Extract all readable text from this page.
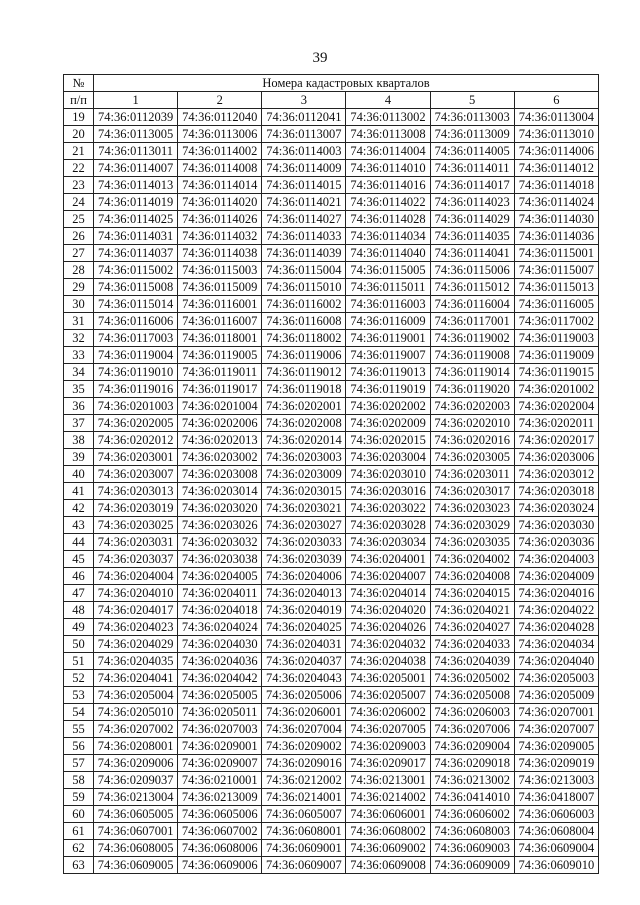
39
№	Номера кадастровых кварталов					
п/п	1	2	3	4	5	6
19	74:36:0112039	74:36:0112040	74:36:0112041	74:36:0113002	74:36:0113003	74:36:0113004
20	74:36:0113005	74:36:0113006	74:36:0113007	74:36:0113008	74:36:0113009	74:36:0113010
21	74:36:0113011	74:36:0114002	74:36:0114003	74:36:0114004	74:36:0114005	74:36:0114006
22	74:36:0114007	74:36:0114008	74:36:0114009	74:36:0114010	74:36:0114011	74:36:0114012
23	74:36:0114013	74:36:0114014	74:36:0114015	74:36:0114016	74:36:0114017	74:36:0114018
24	74:36:0114019	74:36:0114020	74:36:0114021	74:36:0114022	74:36:0114023	74:36:0114024
25	74:36:0114025	74:36:0114026	74:36:0114027	74:36:0114028	74:36:0114029	74:36:0114030
26	74:36:0114031	74:36:0114032	74:36:0114033	74:36:0114034	74:36:0114035	74:36:0114036
27	74:36:0114037	74:36:0114038	74:36:0114039	74:36:0114040	74:36:0114041	74:36:0115001
28	74:36:0115002	74:36:0115003	74:36:0115004	74:36:0115005	74:36:0115006	74:36:0115007
29	74:36:0115008	74:36:0115009	74:36:0115010	74:36:0115011	74:36:0115012	74:36:0115013
30	74:36:0115014	74:36:0116001	74:36:0116002	74:36:0116003	74:36:0116004	74:36:0116005
31	74:36:0116006	74:36:0116007	74:36:0116008	74:36:0116009	74:36:0117001	74:36:0117002
32	74:36:0117003	74:36:0118001	74:36:0118002	74:36:0119001	74:36:0119002	74:36:0119003
33	74:36:0119004	74:36:0119005	74:36:0119006	74:36:0119007	74:36:0119008	74:36:0119009
34	74:36:0119010	74:36:0119011	74:36:0119012	74:36:0119013	74:36:0119014	74:36:0119015
35	74:36:0119016	74:36:0119017	74:36:0119018	74:36:0119019	74:36:0119020	74:36:0201002
36	74:36:0201003	74:36:0201004	74:36:0202001	74:36:0202002	74:36:0202003	74:36:0202004
37	74:36:0202005	74:36:0202006	74:36:0202008	74:36:0202009	74:36:0202010	74:36:0202011
38	74:36:0202012	74:36:0202013	74:36:0202014	74:36:0202015	74:36:0202016	74:36:0202017
39	74:36:0203001	74:36:0203002	74:36:0203003	74:36:0203004	74:36:0203005	74:36:0203006
40	74:36:0203007	74:36:0203008	74:36:0203009	74:36:0203010	74:36:0203011	74:36:0203012
41	74:36:0203013	74:36:0203014	74:36:0203015	74:36:0203016	74:36:0203017	74:36:0203018
42	74:36:0203019	74:36:0203020	74:36:0203021	74:36:0203022	74:36:0203023	74:36:0203024
43	74:36:0203025	74:36:0203026	74:36:0203027	74:36:0203028	74:36:0203029	74:36:0203030
44	74:36:0203031	74:36:0203032	74:36:0203033	74:36:0203034	74:36:0203035	74:36:0203036
45	74:36:0203037	74:36:0203038	74:36:0203039	74:36:0204001	74:36:0204002	74:36:0204003
46	74:36:0204004	74:36:0204005	74:36:0204006	74:36:0204007	74:36:0204008	74:36:0204009
47	74:36:0204010	74:36:0204011	74:36:0204013	74:36:0204014	74:36:0204015	74:36:0204016
48	74:36:0204017	74:36:0204018	74:36:0204019	74:36:0204020	74:36:0204021	74:36:0204022
49	74:36:0204023	74:36:0204024	74:36:0204025	74:36:0204026	74:36:0204027	74:36:0204028
50	74:36:0204029	74:36:0204030	74:36:0204031	74:36:0204032	74:36:0204033	74:36:0204034
51	74:36:0204035	74:36:0204036	74:36:0204037	74:36:0204038	74:36:0204039	74:36:0204040
52	74:36:0204041	74:36:0204042	74:36:0204043	74:36:0205001	74:36:0205002	74:36:0205003
53	74:36:0205004	74:36:0205005	74:36:0205006	74:36:0205007	74:36:0205008	74:36:0205009
54	74:36:0205010	74:36:0205011	74:36:0206001	74:36:0206002	74:36:0206003	74:36:0207001
55	74:36:0207002	74:36:0207003	74:36:0207004	74:36:0207005	74:36:0207006	74:36:0207007
56	74:36:0208001	74:36:0209001	74:36:0209002	74:36:0209003	74:36:0209004	74:36:0209005
57	74:36:0209006	74:36:0209007	74:36:0209016	74:36:0209017	74:36:0209018	74:36:0209019
58	74:36:0209037	74:36:0210001	74:36:0212002	74:36:0213001	74:36:0213002	74:36:0213003
59	74:36:0213004	74:36:0213009	74:36:0214001	74:36:0214002	74:36:0414010	74:36:0418007
60	74:36:0605005	74:36:0605006	74:36:0605007	74:36:0606001	74:36:0606002	74:36:0606003
61	74:36:0607001	74:36:0607002	74:36:0608001	74:36:0608002	74:36:0608003	74:36:0608004
62	74:36:0608005	74:36:0608006	74:36:0609001	74:36:0609002	74:36:0609003	74:36:0609004
63	74:36:0609005	74:36:0609006	74:36:0609007	74:36:0609008	74:36:0609009	74:36:0609010
